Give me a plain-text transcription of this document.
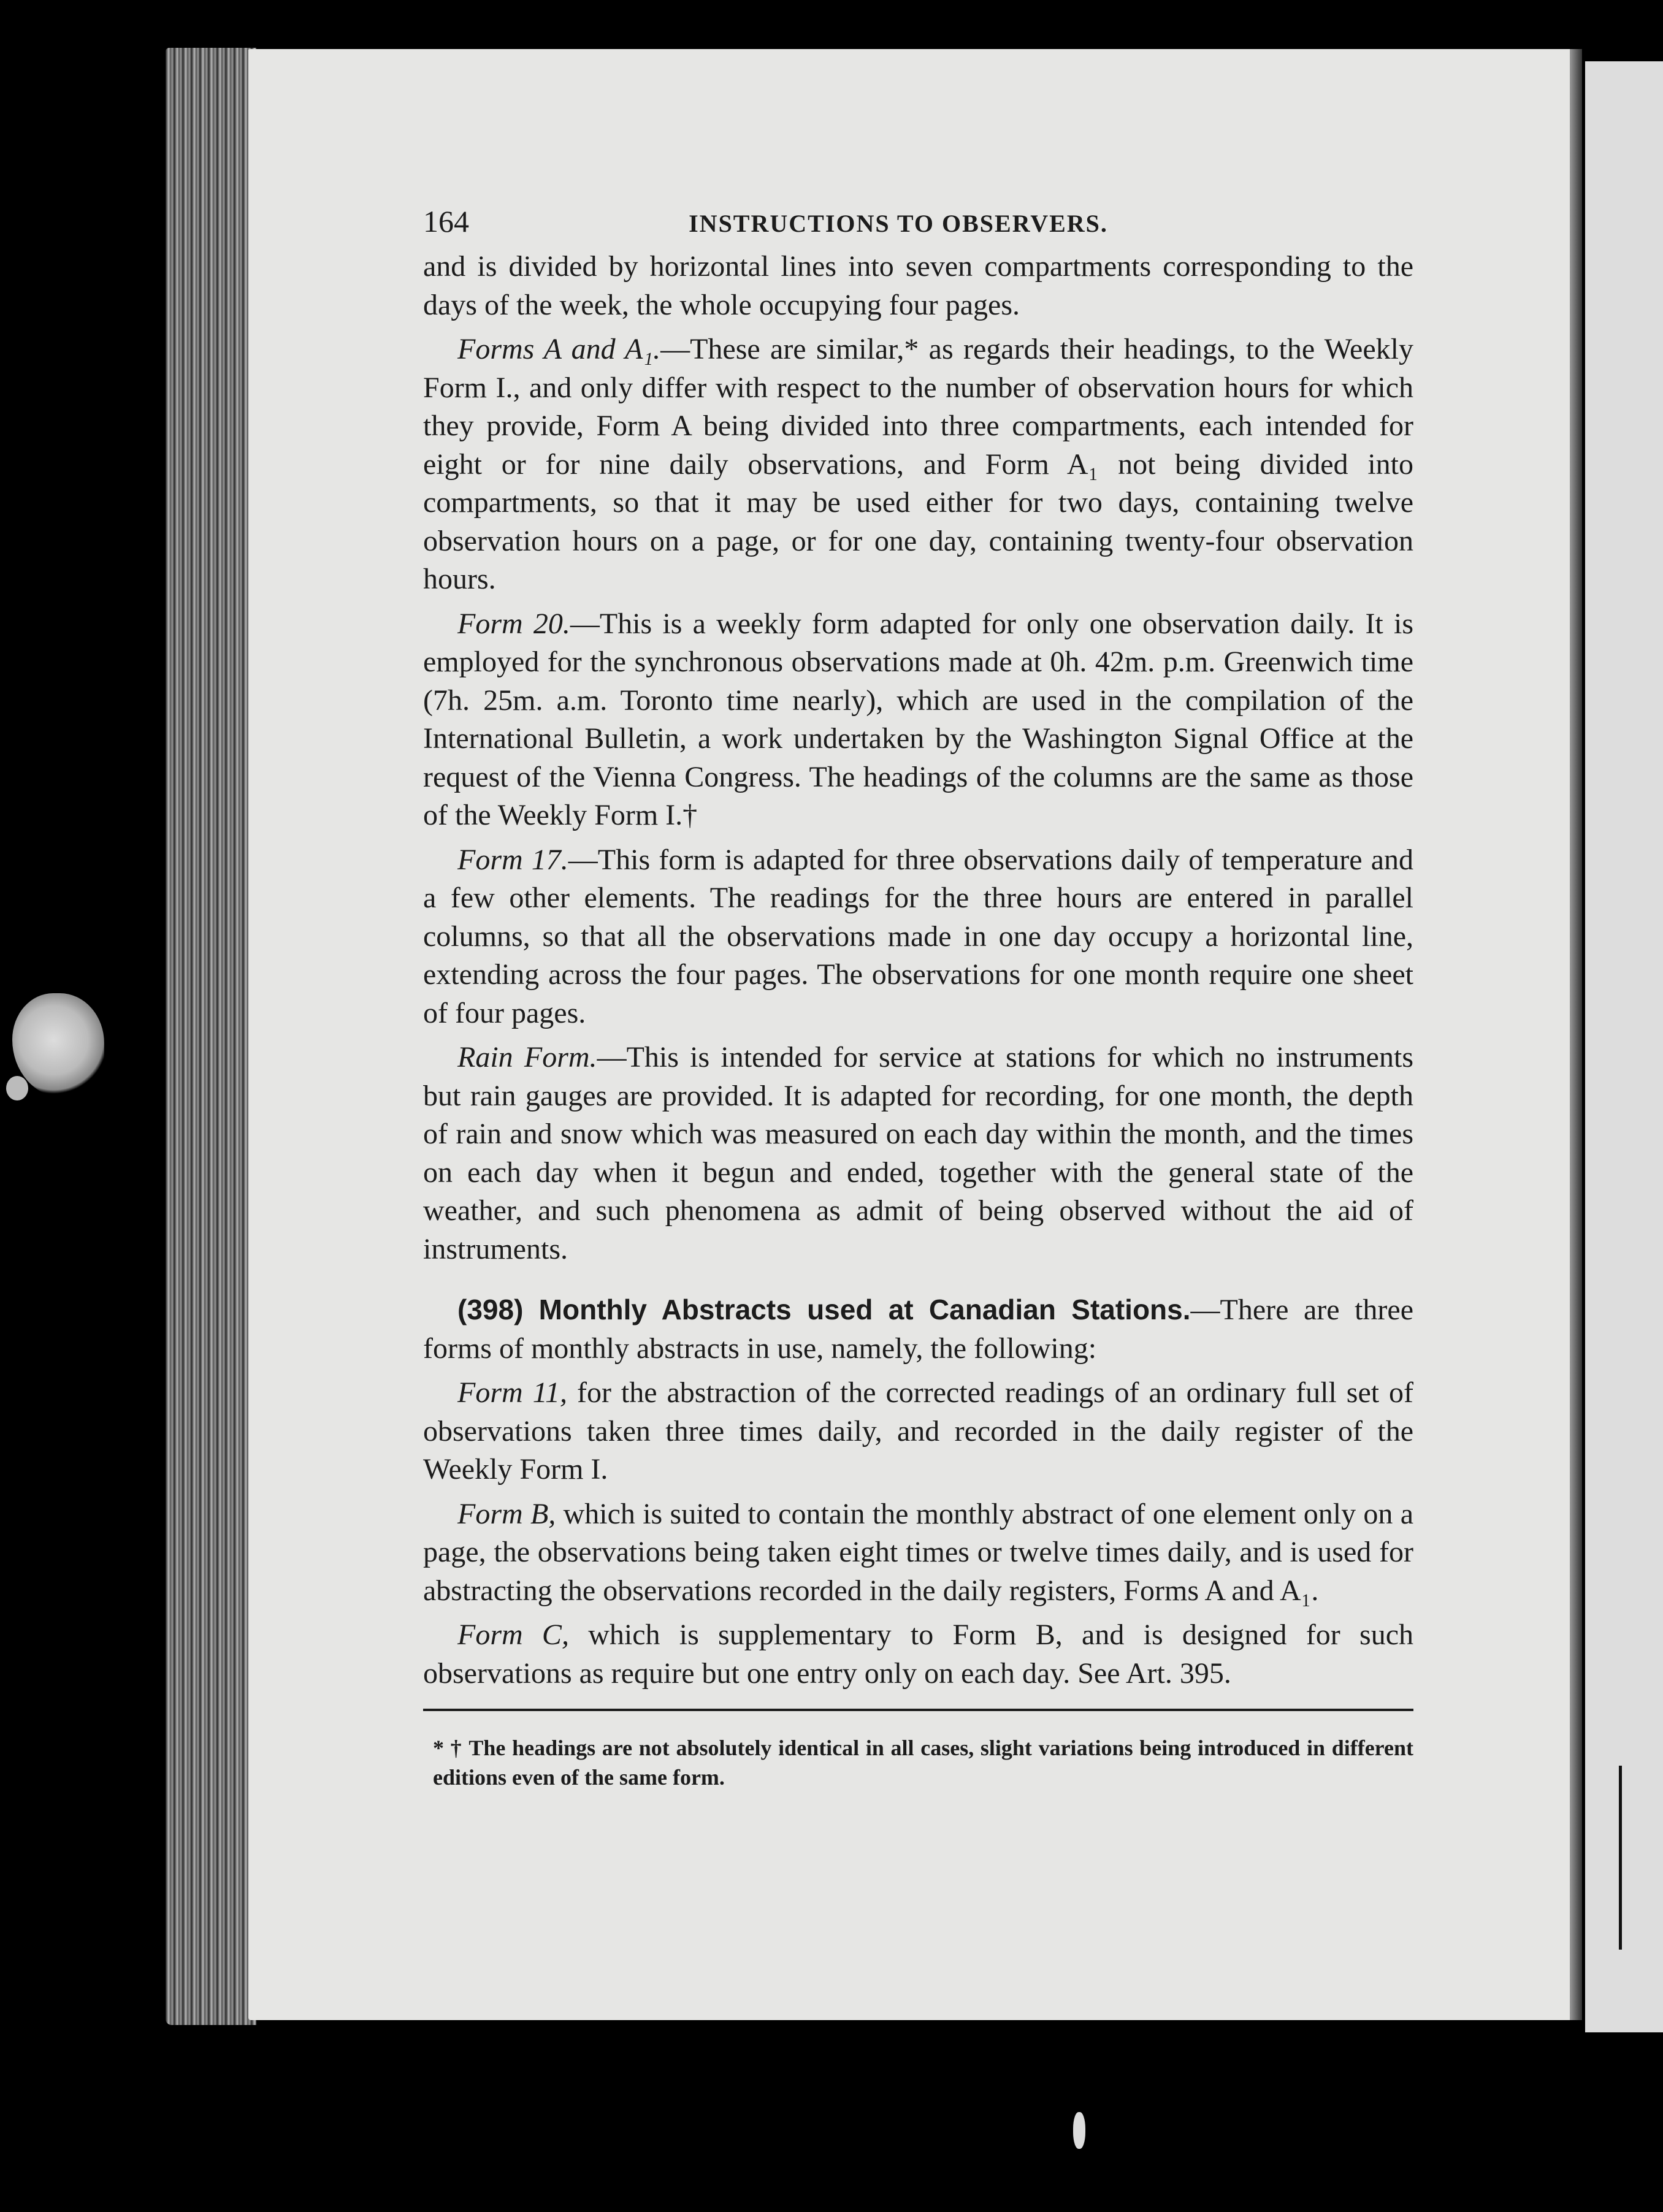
164	INSTRUCTIONS TO OBSERVERS.

and is divided by horizontal lines into seven compartments corresponding to the days of the week, the whole occupying four pages.

Forms A and A₁.—These are similar,* as regards their headings, to the Weekly Form I., and only differ with respect to the number of observation hours for which they provide, Form A being divided into three compartments, each intended for eight or for nine daily observations, and Form A₁ not being divided into compartments, so that it may be used either for two days, containing twelve observation hours on a page, or for one day, containing twenty-four observation hours.

Form 20.—This is a weekly form adapted for only one observation daily. It is employed for the synchronous observations made at 0h. 42m. p.m. Greenwich time (7h. 25m. a.m. Toronto time nearly), which are used in the compilation of the International Bulletin, a work undertaken by the Washington Signal Office at the request of the Vienna Congress. The headings of the columns are the same as those of the Weekly Form I.†

Form 17.—This form is adapted for three observations daily of temperature and a few other elements. The readings for the three hours are entered in parallel columns, so that all the observations made in one day occupy a horizontal line, extending across the four pages. The observations for one month require one sheet of four pages.

Rain Form.—This is intended for service at stations for which no instruments but rain gauges are provided. It is adapted for recording, for one month, the depth of rain and snow which was measured on each day within the month, and the times on each day when it begun and ended, together with the general state of the weather, and such phenomena as admit of being observed without the aid of instruments.

(398) Monthly Abstracts used at Canadian Stations.—There are three forms of monthly abstracts in use, namely, the following:

Form 11, for the abstraction of the corrected readings of an ordinary full set of observations taken three times daily, and recorded in the daily register of the Weekly Form I.

Form B, which is suited to contain the monthly abstract of one element only on a page, the observations being taken eight times or twelve times daily, and is used for abstracting the observations recorded in the daily registers, Forms A and A₁.

Form C, which is supplementary to Form B, and is designed for such observations as require but one entry only on each day. See Art. 395.

* † The headings are not absolutely identical in all cases, slight variations being introduced in different editions even of the same form.
